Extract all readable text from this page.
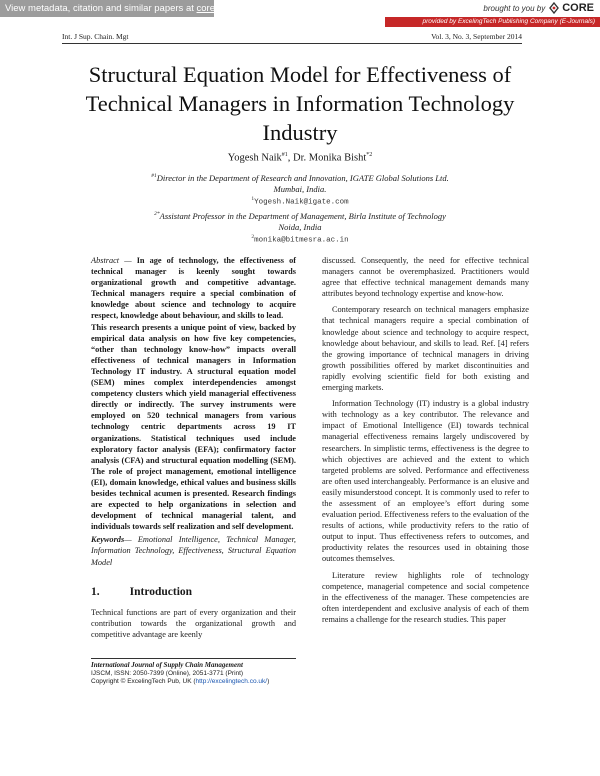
View metadata, citation and similar papers at core.ac.uk	brought to you by CORE
provided by ExcelingTech Publishing Company (E-Journals)
Int. J Sup. Chain. Mgt	Vol. 3, No. 3, September 2014
Structural Equation Model for Effectiveness of
Technical Managers in Information Technology
Industry
Yogesh Naik$^{\#1}$, Dr. Monika Bisht$^{*2}$
$^{\#1}$Director in the Department of Research and Innovation, IGATE Global Solutions Ltd.
Mumbai, India.
$^1$Yogesh.Naik@igate.com
$^{2*}$Assistant Professor in the Department of Management, Birla Institute of Technology
Noida, India
$^2$monika@bitmesra.ac.in

Abstract — In age of technology, the effectiveness of technical manager is keenly sought towards organizational growth and competitive advantage. Technical managers require a special combination of knowledge about science and technology to acquire respect, knowledge about behaviour, and skills to lead.

This research presents a unique point of view, backed by empirical data analysis on how five key competencies, “other than technology know-how” impacts overall effectiveness of technical managers in Information Technology IT industry. A structural equation model (SEM) mines complex interdependencies amongst competency clusters which yield managerial effectiveness directly or indirectly. The survey instruments were employed on 520 technical managers from various technology centric departments across 19 IT organizations. Statistical techniques used include exploratory factor analysis (EFA); confirmatory factor analysis (CFA) and structural equation modelling (SEM). The role of project management, emotional intelligence (EI), domain knowledge, ethical values and business skills besides technical acumen is presented. Research findings are expected to help organizations in selection and development of technical managerial talent, and individuals towards self realization and self development.

Keywords— Emotional Intelligence, Technical Manager, Information Technology, Effectiveness, Structural Equation Model

1.	Introduction

Technical functions are part of every organization and their contribution towards the organizational growth and competitive advantage are keenly

International Journal of Supply Chain Management
IJSCM, ISSN: 2050-7399 (Online), 2051-3771 (Print)
Copyright © ExcelingTech Pub, UK (http://excelingtech.co.uk/)

discussed. Consequently, the need for effective technical managers cannot be overemphasized. Practitioners would agree that effective technical management demands many attributes beyond technology expertise and know-how.

Contemporary research on technical managers emphasize that technical managers require a special combination of knowledge about science and technology to acquire respect, knowledge about behaviour, and skills to lead. Ref. [4] refers the growing importance of technical managers in driving growth possibilities offered by market discontinuities and rapidly evolving scientific field for both existing and emerging markets.

Information Technology (IT) industry is a global industry with technology as a key contributor. The relevance and impact of Emotional Intelligence (EI) towards technical managerial effectiveness remains largely undiscovered by researchers. In simplistic terms, effectiveness is the degree to which objectives are achieved and the extent to which targeted problems are solved. Performance and effectiveness are often used interchangeably. Performance is an elusive and easily misunderstood concept. It is commonly used to refer to the assessment of an employee’s effort during some evaluation period. Effectiveness refers to the evaluation of the results of actions, while productivity refers to the ratio of output to input. Thus effectiveness refers to outcomes, and productivity relates the resources used in obtaining those outcomes themselves.

Literature review highlights role of technology competence, managerial competence and social competence in the effectiveness of the manager. These competencies are often interdependent and exclusive analysis of each of them remains a challenge for the research studies. This paper
